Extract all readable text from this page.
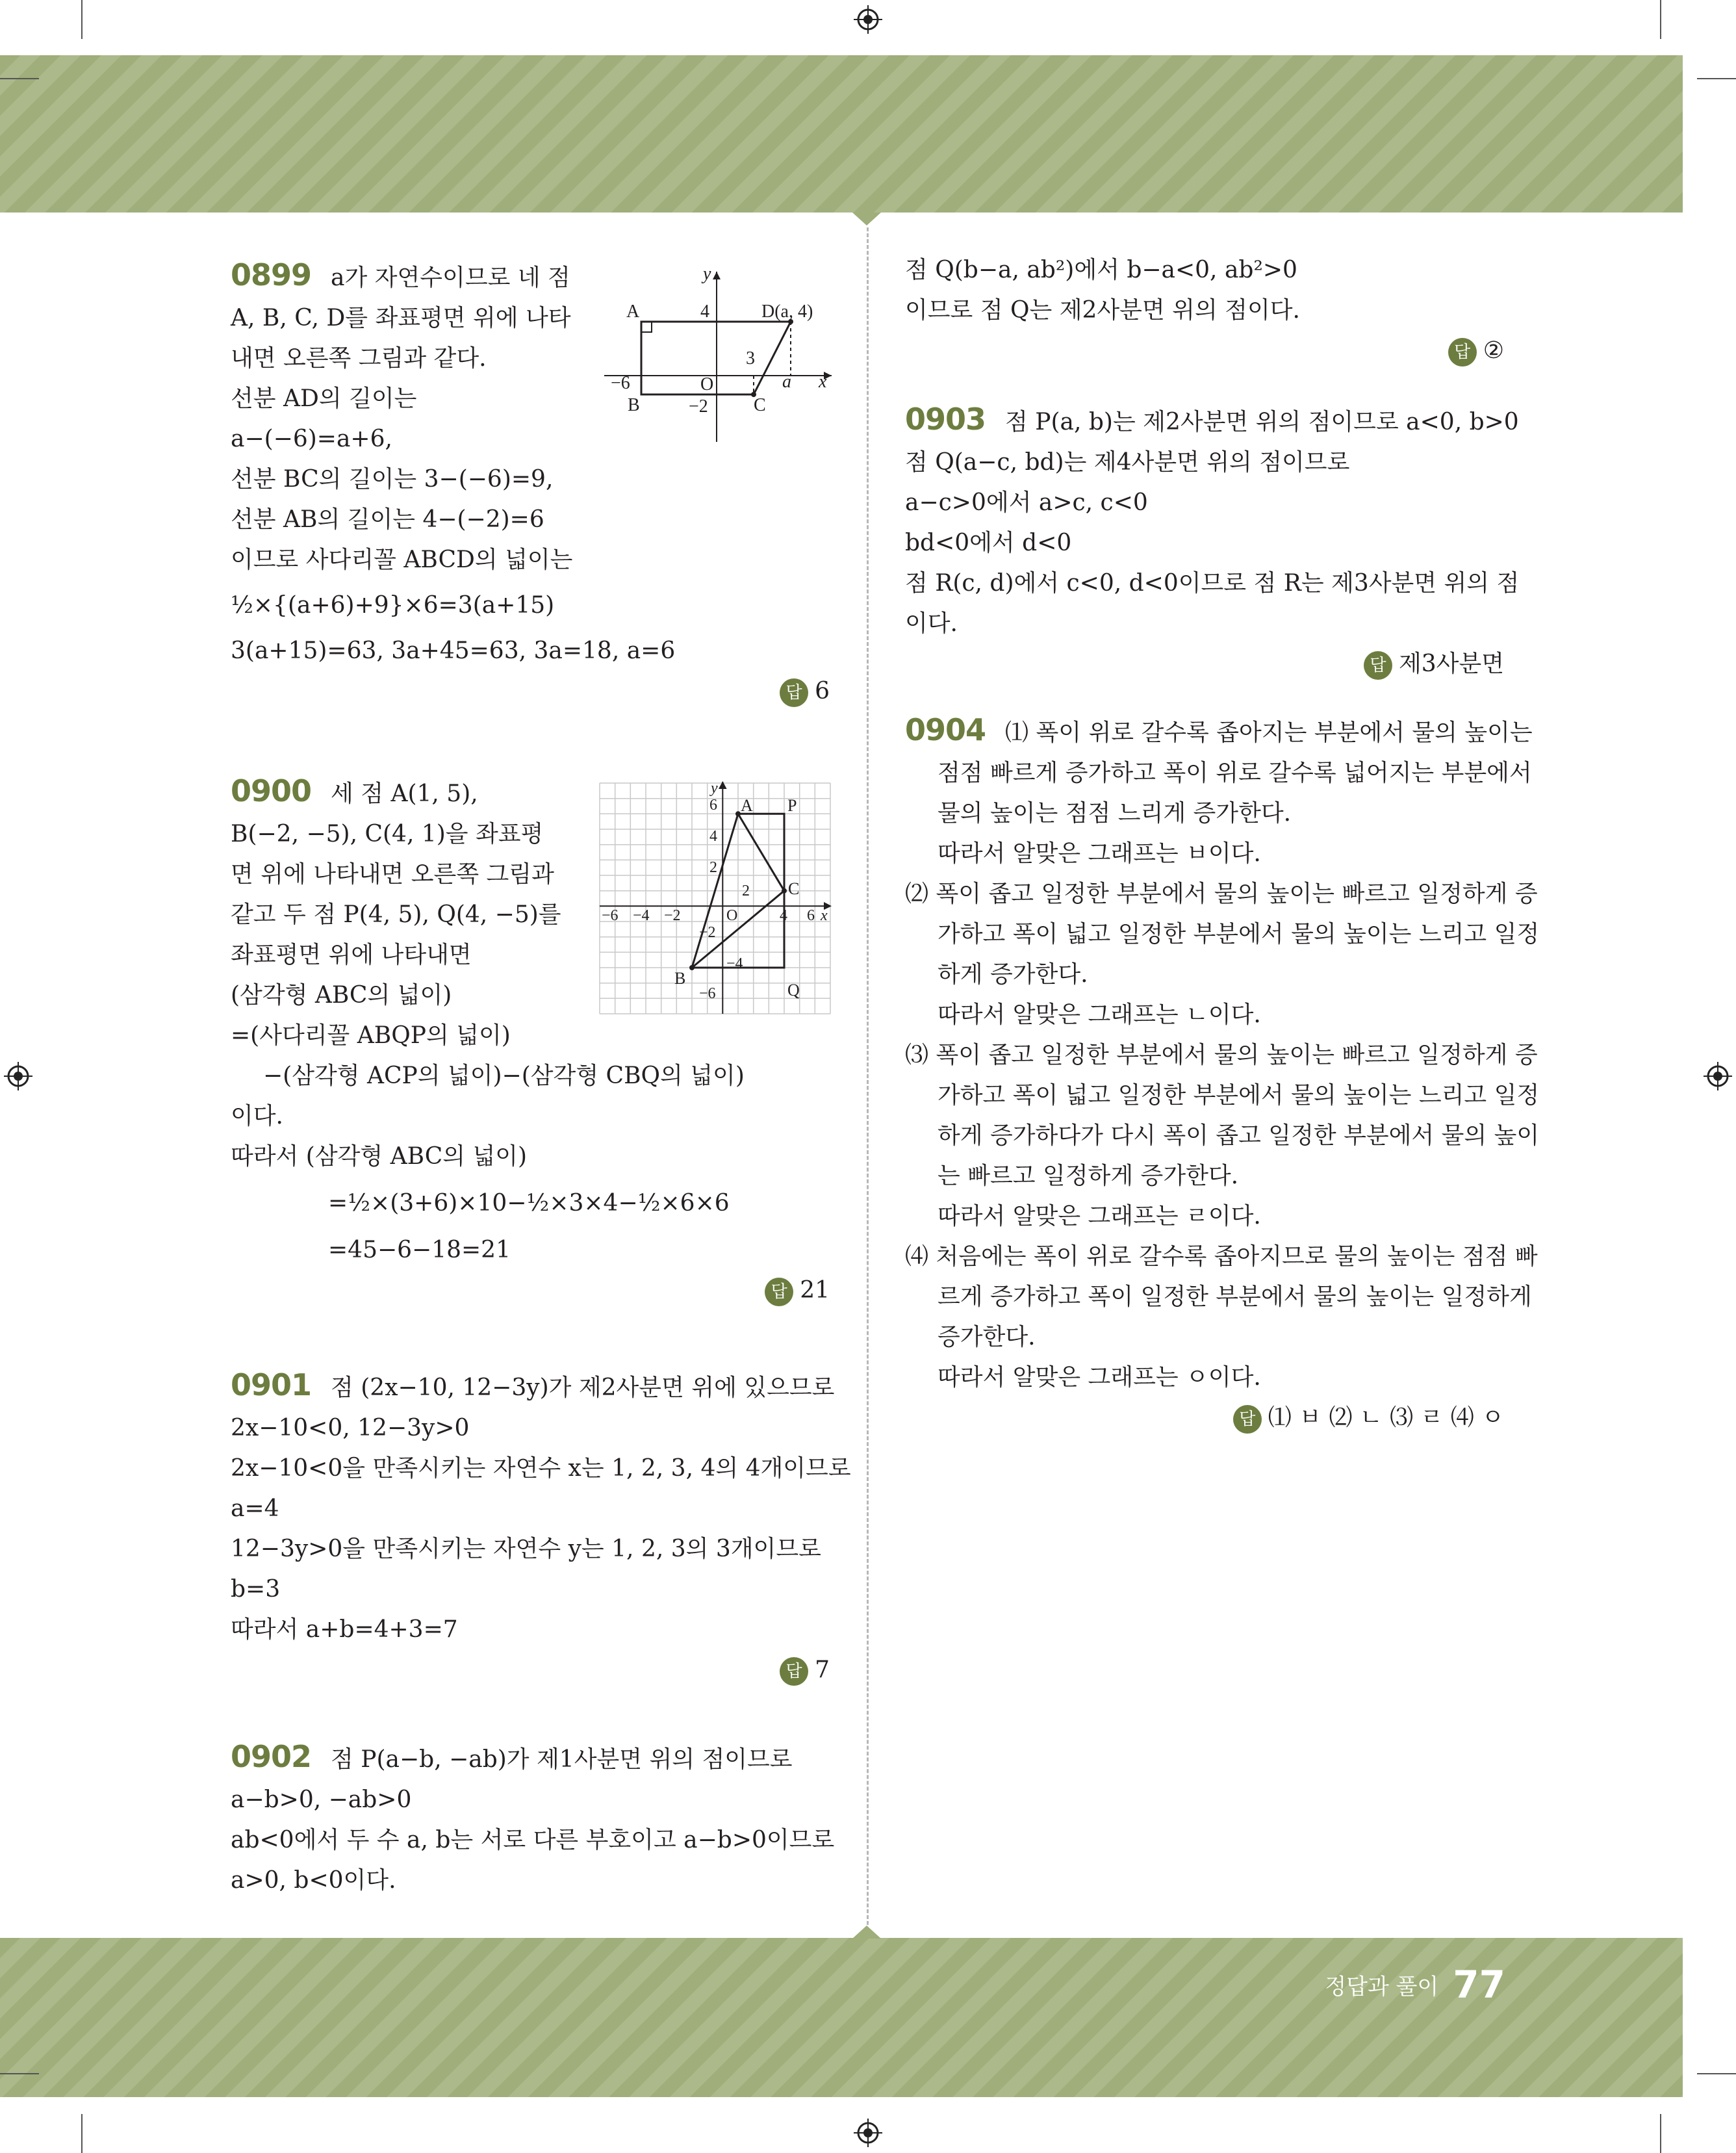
0899 a가 자연수이므로 네 점

A, B, C, D를 좌표평면 위에 나타

내면 오른쪽 그림과 같다.

선분 AD의 길이는

a−(−6)=a+6,

선분 BC의 길이는 3−(−6)=9,

선분 AB의 길이는 4−(−2)=6

이므로 사다리꼴 ABCD의 넓이는

½×{(a+6)+9}×6=3(a+15)

3(a+15)=63, 3a+45=63, 3a=18, a=6

답 6

y
A	4	D(a, 4)
3
−6	O	a x
B	−2	C

0900 세 점 A(1, 5),

B(−2, −5), C(4, 1)을 좌표평

면 위에 나타내면 오른쪽 그림과

같고 두 점 P(4, 5), Q(4, −5)를

좌표평면 위에 나타내면

(삼각형 ABC의 넓이)

=(사다리꼴 ABQP의 넓이)

−(삼각형 ACP의 넓이)−(삼각형 CBQ의 넓이)

이다.

따라서 (삼각형 ABC의 넓이)

=½×(3+6)×10−½×3×4−½×6×6

=45−6−18=21

답 21

y
6 A P
4
2
2 C
−6 −4 −2	O	4 6 x
−2
−4
B
−6	Q

0901 점 (2x−10, 12−3y)가 제2사분면 위에 있으므로

2x−10<0, 12−3y>0

2x−10<0을 만족시키는 자연수 x는 1, 2, 3, 4의 4개이므로

a=4

12−3y>0을 만족시키는 자연수 y는 1, 2, 3의 3개이므로

b=3

따라서 a+b=4+3=7

답 7

0902 점 P(a−b, −ab)가 제1사분면 위의 점이므로

a−b>0, −ab>0

ab<0에서 두 수 a, b는 서로 다른 부호이고 a−b>0이므로

a>0, b<0이다.

점 Q(b−a, ab²)에서 b−a<0, ab²>0

이므로 점 Q는 제2사분면 위의 점이다.

답 ②

0903 점 P(a, b)는 제2사분면 위의 점이므로 a<0, b>0

점 Q(a−c, bd)는 제4사분면 위의 점이므로

a−c>0에서 a>c, c<0

bd<0에서 d<0

점 R(c, d)에서 c<0, d<0이므로 점 R는 제3사분면 위의 점

이다.

답 제3사분면

0904 ⑴ 폭이 위로 갈수록 좁아지는 부분에서 물의 높이는

점점 빠르게 증가하고 폭이 위로 갈수록 넓어지는 부분에서

물의 높이는 점점 느리게 증가한다.

따라서 알맞은 그래프는 ㅂ이다.

⑵ 폭이 좁고 일정한 부분에서 물의 높이는 빠르고 일정하게 증

가하고 폭이 넓고 일정한 부분에서 물의 높이는 느리고 일정

하게 증가한다.

따라서 알맞은 그래프는 ㄴ이다.

⑶ 폭이 좁고 일정한 부분에서 물의 높이는 빠르고 일정하게 증

가하고 폭이 넓고 일정한 부분에서 물의 높이는 느리고 일정

하게 증가하다가 다시 폭이 좁고 일정한 부분에서 물의 높이

는 빠르고 일정하게 증가한다.

따라서 알맞은 그래프는 ㄹ이다.

⑷ 처음에는 폭이 위로 갈수록 좁아지므로 물의 높이는 점점 빠

르게 증가하고 폭이 일정한 부분에서 물의 높이는 일정하게

증가한다.

따라서 알맞은 그래프는 ㅇ이다.

답 ⑴ ㅂ ⑵ ㄴ ⑶ ㄹ ⑷ ㅇ

정답과 풀이 77
